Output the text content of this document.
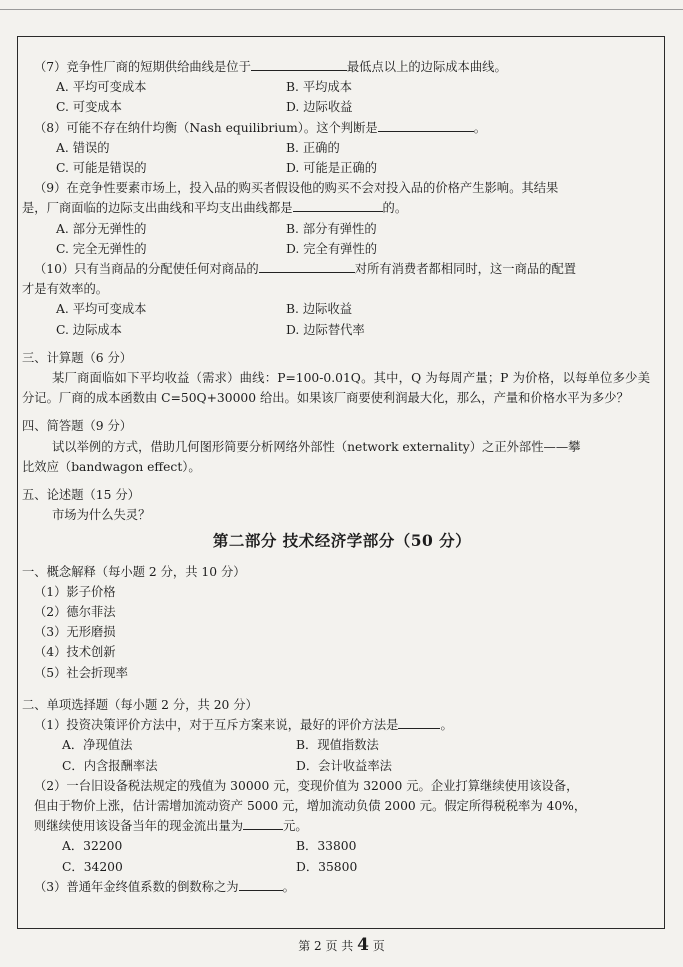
（7）竞争性厂商的短期供给曲线是位于	最低点以上的边际成本曲线。
A. 平均可变成本	B. 平均成本
C. 可变成本	D. 边际收益
（8）可能不存在纳什均衡（Nash equilibrium）。这个判断是	。
A. 错误的	B. 正确的
C. 可能是错误的	D. 可能是正确的
（9）在竞争性要素市场上，投入品的购买者假设他的购买不会对投入品的价格产生影响。其结果
是，厂商面临的边际支出曲线和平均支出曲线都是	的。
A. 部分无弹性的	B. 部分有弹性的
C. 完全无弹性的	D. 完全有弹性的
（10）只有当商品的分配使任何对商品的	对所有消费者都相同时，这一商品的配置
才是有效率的。
A. 平均可变成本	B. 边际收益
C. 边际成本	D. 边际替代率
三、计算题（6 分）
某厂商面临如下平均收益（需求）曲线：P=100-0.01Q。其中，Q 为每周产量；P 为价格，以每单位多少美分记。厂商的成本函数由 C=50Q+30000 给出。如果该厂商要使利润最大化，那么，产量和价格水平为多少？
四、简答题（9 分）
试以举例的方式，借助几何图形简要分析网络外部性（network externality）之正外部性——攀
比效应（bandwagon effect）。
五、论述题（15 分）
市场为什么失灵？
第二部分 技术经济学部分（50 分）
一、概念解释（每小题 2 分，共 10 分）
（1）影子价格
（2）德尔菲法
（3）无形磨损
（4）技术创新
（5）社会折现率
二、单项选择题（每小题 2 分，共 20 分）
（1）投资决策评价方法中，对于互斥方案来说，最好的评价方法是	。
A．净现值法	B．现值指数法
C．内含报酬率法	D．会计收益率法
（2）一台旧设备税法规定的残值为 30000 元，变现价值为 32000 元。企业打算继续使用该设备，
但由于物价上涨，估计需增加流动资产 5000 元，增加流动负债 2000 元。假定所得税税率为 40%，
则继续使用该设备当年的现金流出量为	元。
A．32200	B．33800
C．34200	D．35800
（3）普通年金终值系数的倒数称之为	。
第 2 页 共 4 页
